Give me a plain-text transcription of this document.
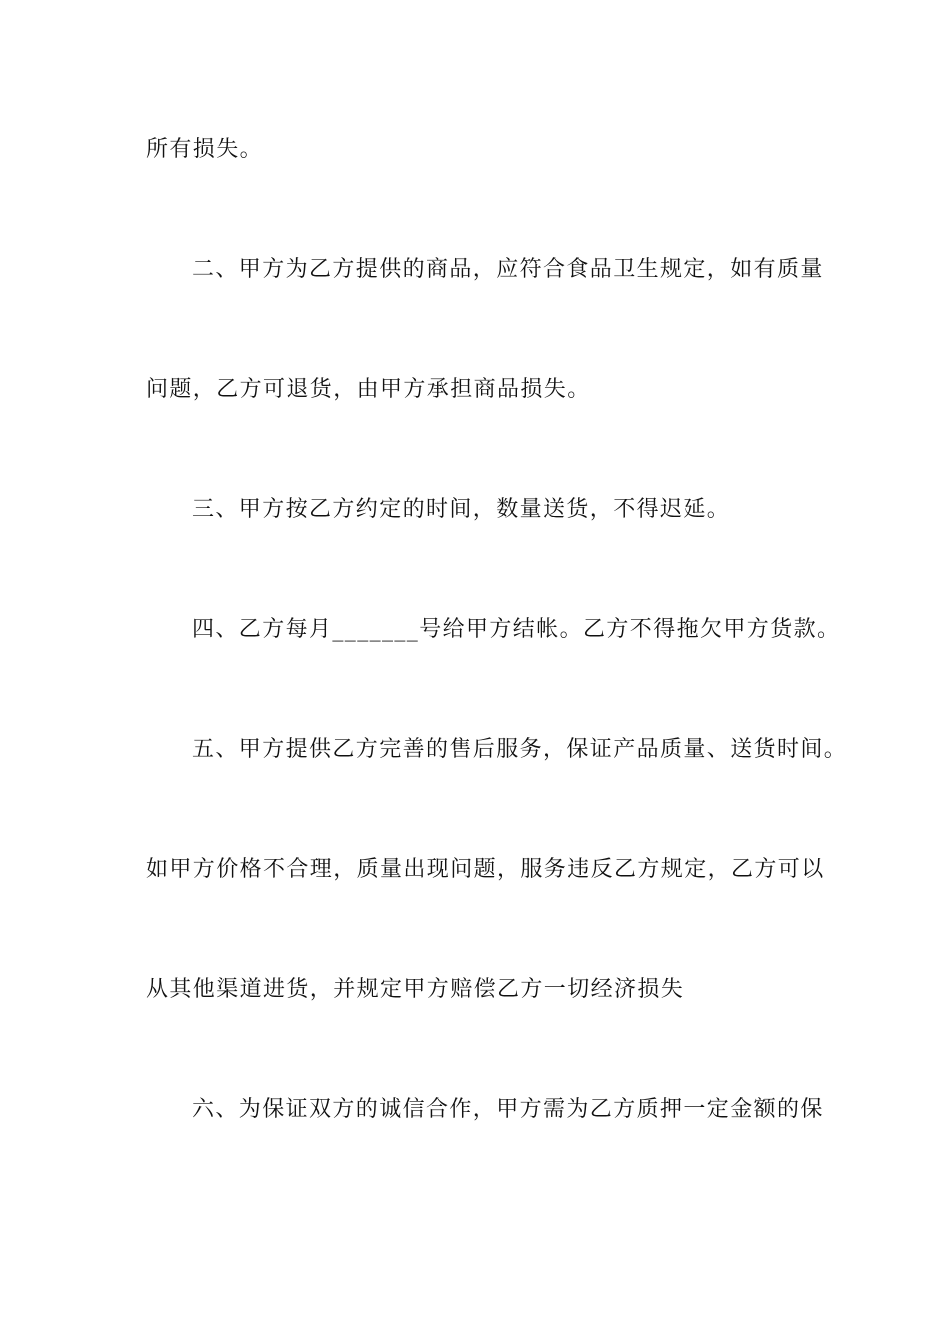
所有损失。
二、甲方为乙方提供的商品，应符合食品卫生规定，如有质量
问题，乙方可退货，由甲方承担商品损失。
三、甲方按乙方约定的时间，数量送货，不得迟延。
四、乙方每月_______号给甲方结帐。乙方不得拖欠甲方货款。
五、甲方提供乙方完善的售后服务，保证产品质量、送货时间。
如甲方价格不合理，质量出现问题，服务违反乙方规定，乙方可以
从其他渠道进货，并规定甲方赔偿乙方一切经济损失
六、为保证双方的诚信合作，甲方需为乙方质押一定金额的保
